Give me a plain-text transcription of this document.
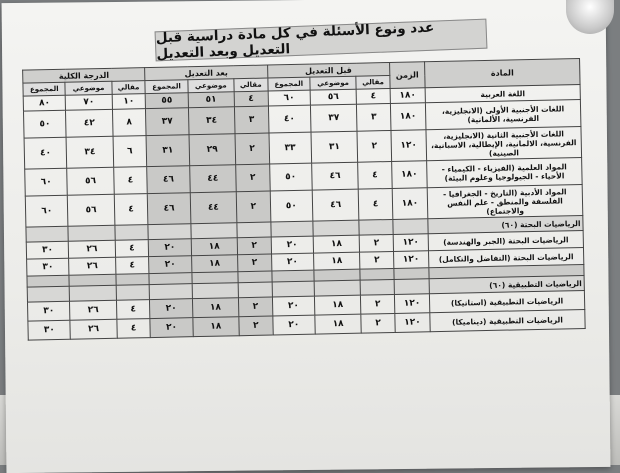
عدد ونوع الأسئلة في كل مادة دراسية قبل التعديل وبعد التعديل
المادة	الزمن	قبل التعديل			بعد التعديل			الدرجة الكلية		
		مقالي	موضوعي	المجموع	مقالي	موضوعي	المجموع	مقالي	موضوعي	المجموع
اللغة العربية	١٨٠	٤	٥٦	٦٠	٤	٥١	٥٥	١٠	٧٠	٨٠
اللغات الأجنبية الأولى (الانجليزية، الفرنسية، الألمانية)	١٨٠	٣	٣٧	٤٠	٣	٣٤	٣٧	٨	٤٢	٥٠
اللغات الأجنبية الثانية (الانجليزية، الفرنسية، الالمانية، الإيطالية، الاسبانية، الصينية)	١٢٠	٢	٣١	٣٣	٢	٢٩	٣١	٦	٣٤	٤٠
المواد العلمية (الفيزياء - الكيمياء - الأحياء - الجيولوجيا وعلوم البيئة)	١٨٠	٤	٤٦	٥٠	٢	٤٤	٤٦	٤	٥٦	٦٠
المواد الأدبية (التاريخ - الجغرافيا - الفلسفة والمنطق - علم النفس والاجتماع)	١٨٠	٤	٤٦	٥٠	٢	٤٤	٤٦	٤	٥٦	٦٠
الرياضيات البحتة (٦٠)										
الرياضيات البحتة (الجبر والهندسة)	١٢٠	٢	١٨	٢٠	٢	١٨	٢٠	٤	٢٦	٣٠
الرياضيات البحتة (التفاضل والتكامل)	١٢٠	٢	١٨	٢٠	٢	١٨	٢٠	٤	٢٦	٣٠

الرياضيات التطبيقية (٦٠)										
الرياضيات التطبيقية (استاتيكا)	١٢٠	٢	١٨	٢٠	٢	١٨	٢٠	٤	٢٦	٣٠
الرياضيات التطبيقية (ديناميكا)	١٢٠	٢	١٨	٢٠	٢	١٨	٢٠	٤	٢٦	٣٠
